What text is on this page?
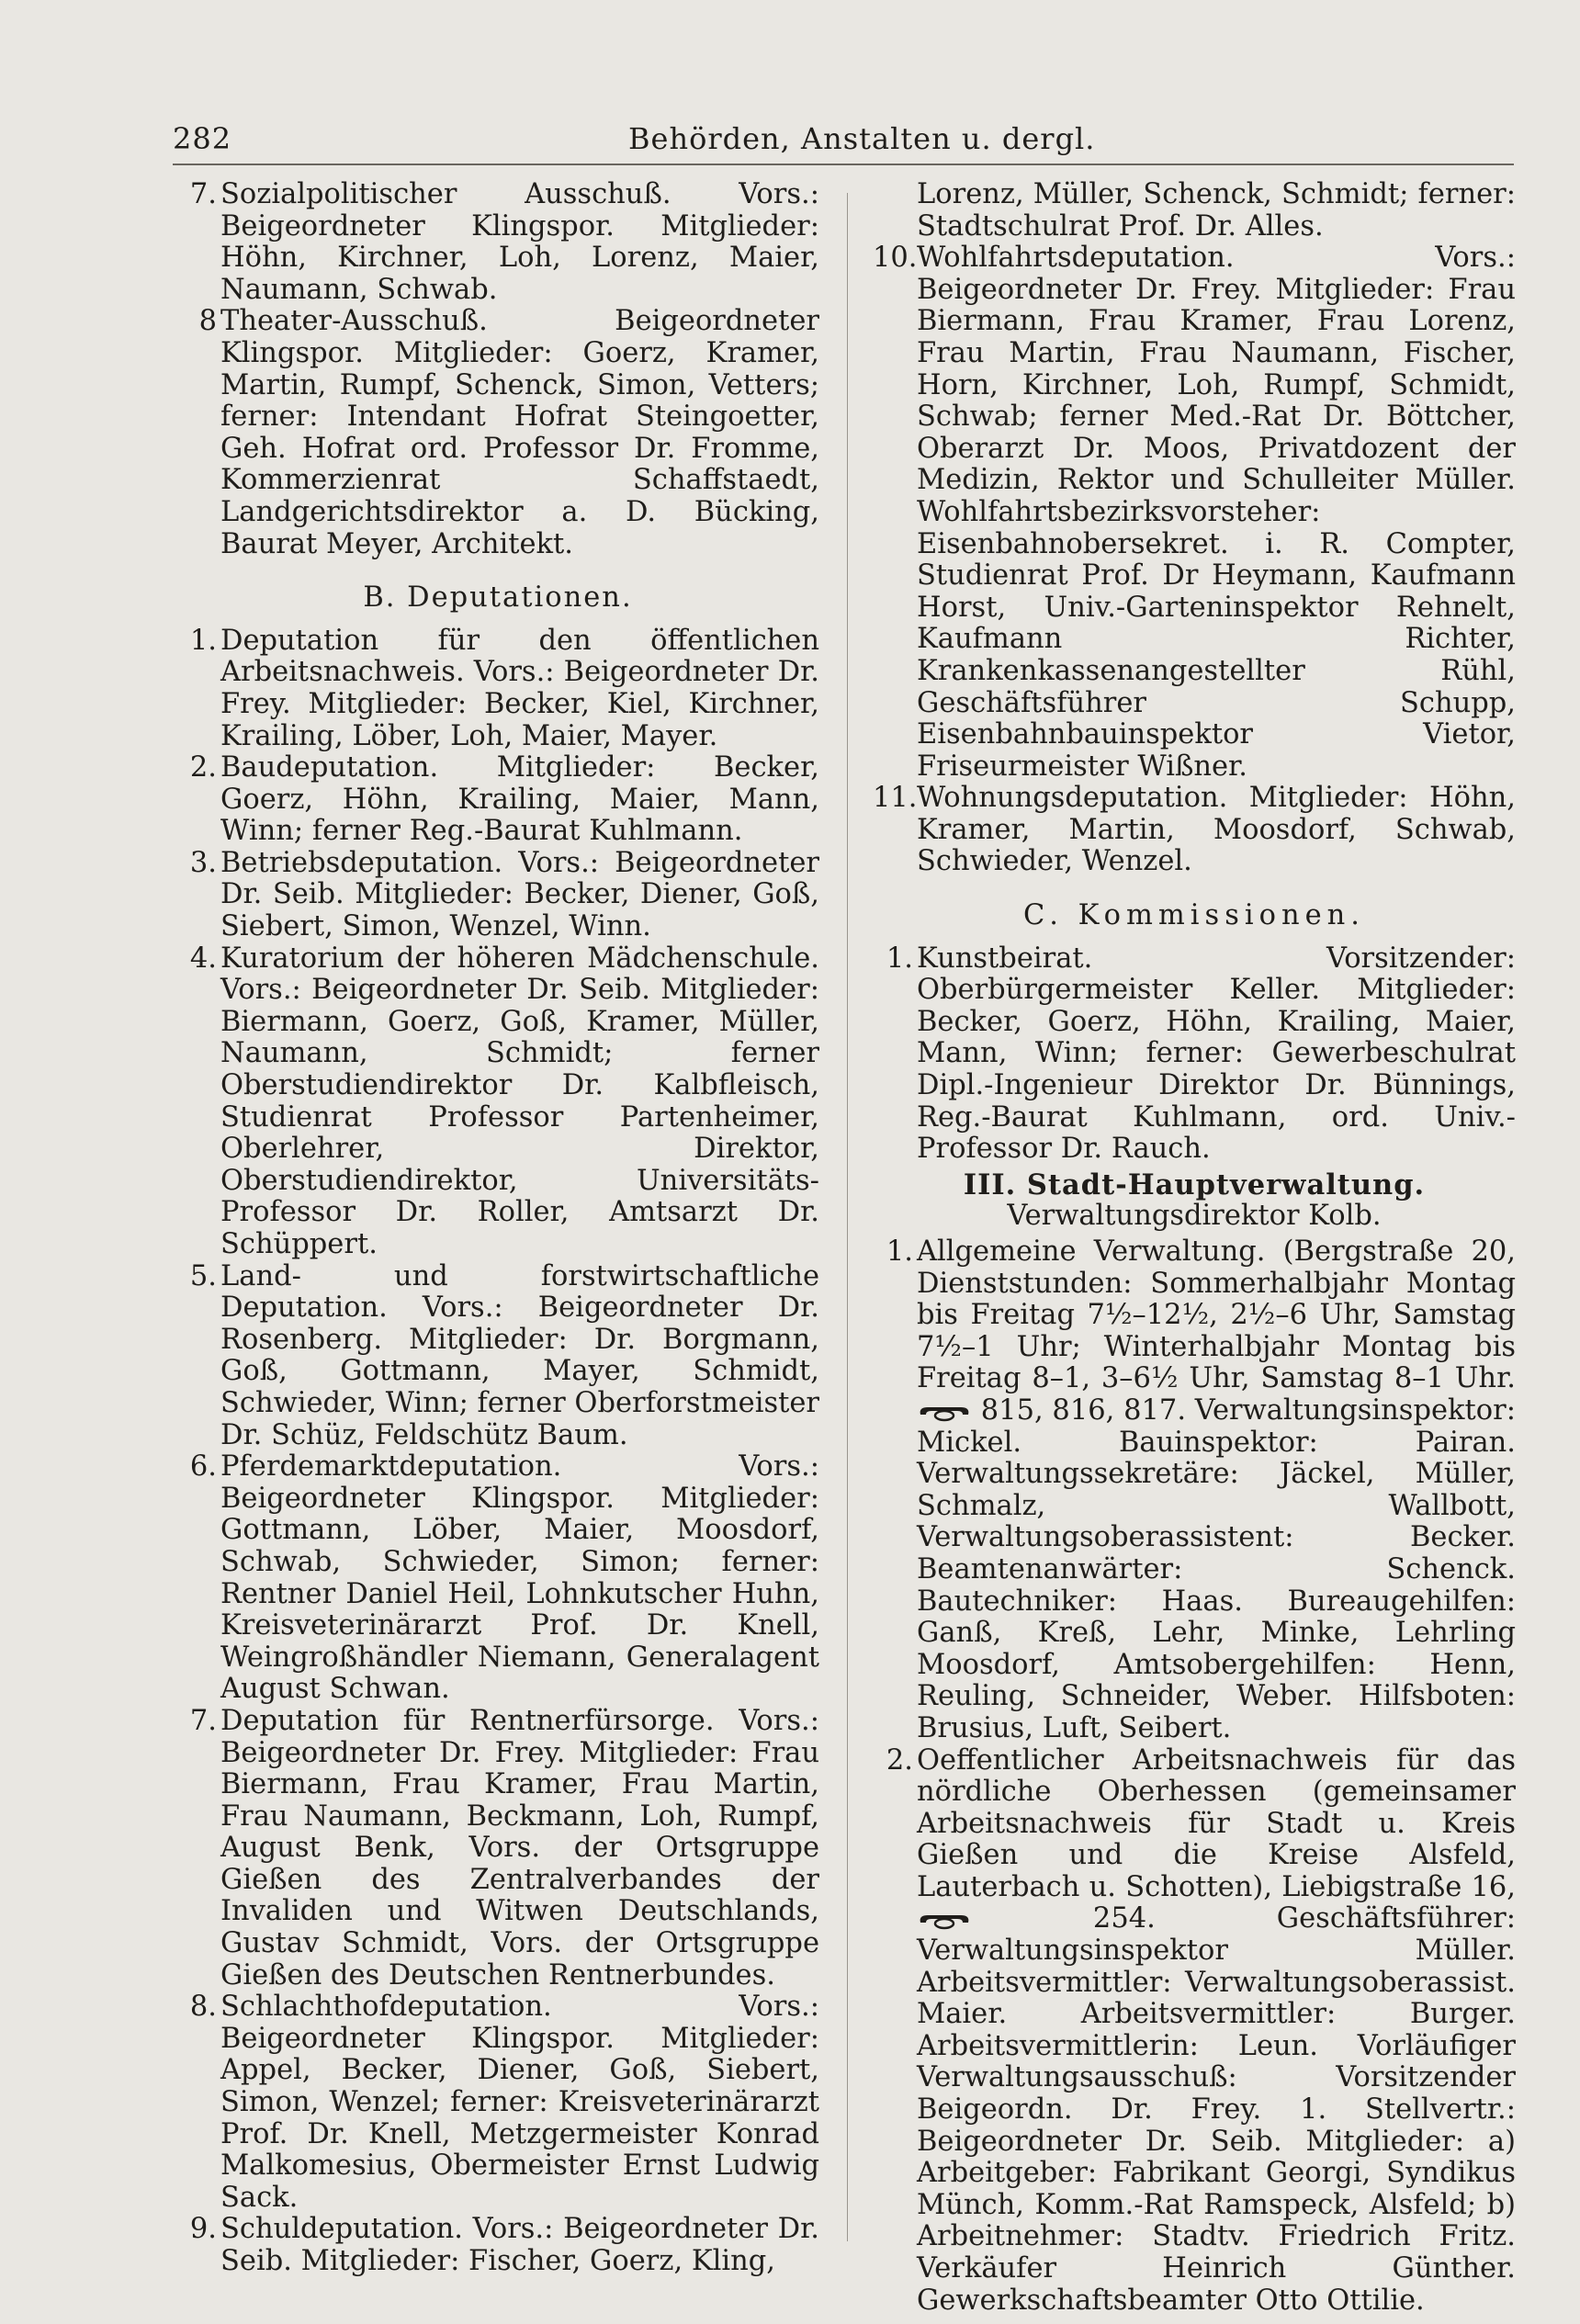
282	Behörden, Anstalten u. dergl.

7. Sozialpolitischer Ausschuß. Vors.: Beigeordneter Klingspor. Mitglieder: Höhn, Kirchner, Loh, Lorenz, Maier, Naumann, Schwab.

8 Theater-Ausschuß. Beigeordneter Klingspor. Mitglieder: Goerz, Kramer, Martin, Rumpf, Schenck, Simon, Vetters; ferner: Intendant Hofrat Steingoetter, Geh. Hofrat ord. Professor Dr. Fromme, Kommerzienrat Schaffstaedt, Landgerichtsdirektor a. D. Bücking, Baurat Meyer, Architekt.

B. Deputationen.

1. Deputation für den öffentlichen Arbeitsnachweis. Vors.: Beigeordneter Dr. Frey. Mitglieder: Becker, Kiel, Kirchner, Krailing, Löber, Loh, Maier, Mayer.

2. Baudeputation. Mitglieder: Becker, Goerz, Höhn, Krailing, Maier, Mann, Winn; ferner Reg.-Baurat Kuhlmann.

3. Betriebsdeputation. Vors.: Beigeordneter Dr. Seib. Mitglieder: Becker, Diener, Goß, Siebert, Simon, Wenzel, Winn.

4. Kuratorium der höheren Mädchenschule. Vors.: Beigeordneter Dr. Seib. Mitglieder: Biermann, Goerz, Goß, Kramer, Müller, Naumann, Schmidt; ferner Oberstudiendirektor Dr. Kalbfleisch, Studienrat Professor Partenheimer, Oberlehrer, Direktor, Oberstudiendirektor, Universitäts-Professor Dr. Roller, Amtsarzt Dr. Schüppert.

5. Land- und forstwirtschaftliche Deputation. Vors.: Beigeordneter Dr. Rosenberg. Mitglieder: Dr. Borgmann, Goß, Gottmann, Mayer, Schmidt, Schwieder, Winn; ferner Oberforstmeister Dr. Schüz, Feldschütz Baum.

6. Pferdemarktdeputation. Vors.: Beigeordneter Klingspor. Mitglieder: Gottmann, Löber, Maier, Moosdorf, Schwab, Schwieder, Simon; ferner: Rentner Daniel Heil, Lohnkutscher Huhn, Kreisveterinärarzt Prof. Dr. Knell, Weingroßhändler Niemann, Generalagent August Schwan.

7. Deputation für Rentnerfürsorge. Vors.: Beigeordneter Dr. Frey. Mitglieder: Frau Biermann, Frau Kramer, Frau Martin, Frau Naumann, Beckmann, Loh, Rumpf, August Benk, Vors. der Ortsgruppe Gießen des Zentralverbandes der Invaliden und Witwen Deutschlands, Gustav Schmidt, Vors. der Ortsgruppe Gießen des Deutschen Rentnerbundes.

8. Schlachthofdeputation. Vors.: Beigeordneter Klingspor. Mitglieder: Appel, Becker, Diener, Goß, Siebert, Simon, Wenzel; ferner: Kreisveterinärarzt Prof. Dr. Knell, Metzgermeister Konrad Malkomesius, Obermeister Ernst Ludwig Sack.

9. Schuldeputation. Vors.: Beigeordneter Dr. Seib. Mitglieder: Fischer, Goerz, Kling,

Lorenz, Müller, Schenck, Schmidt; ferner: Stadtschulrat Prof. Dr. Alles.

10. Wohlfahrtsdeputation. Vors.: Beigeordneter Dr. Frey. Mitglieder: Frau Biermann, Frau Kramer, Frau Lorenz, Frau Martin, Frau Naumann, Fischer, Horn, Kirchner, Loh, Rumpf, Schmidt, Schwab; ferner Med.-Rat Dr. Böttcher, Oberarzt Dr. Moos, Privatdozent der Medizin, Rektor und Schulleiter Müller. Wohlfahrtsbezirksvorsteher: Eisenbahnobersekret. i. R. Compter, Studienrat Prof. Dr Heymann, Kaufmann Horst, Univ.-Garteninspektor Rehnelt, Kaufmann Richter, Krankenkassenangestellter Rühl, Geschäftsführer Schupp, Eisenbahnbauinspektor Vietor, Friseurmeister Wißner.

11. Wohnungsdeputation. Mitglieder: Höhn, Kramer, Martin, Moosdorf, Schwab, Schwieder, Wenzel.

C. Kommissionen.

1. Kunstbeirat. Vorsitzender: Oberbürgermeister Keller. Mitglieder: Becker, Goerz, Höhn, Krailing, Maier, Mann, Winn; ferner: Gewerbeschulrat Dipl.-Ingenieur Direktor Dr. Bünnings, Reg.-Baurat Kuhlmann, ord. Univ.-Professor Dr. Rauch.

III. Stadt-Hauptverwaltung.
Verwaltungsdirektor Kolb.

1. Allgemeine Verwaltung. (Bergstraße 20, Dienststunden: Sommerhalbjahr Montag bis Freitag 7½–12½, 2½–6 Uhr, Samstag 7½–1 Uhr; Winterhalbjahr Montag bis Freitag 8–1, 3–6½ Uhr, Samstag 8–1 Uhr.  815, 816, 817. Verwaltungsinspektor: Mickel. Bauinspektor: Pairan. Verwaltungssekretäre: Jäckel, Müller, Schmalz, Wallbott, Verwaltungsoberassistent: Becker. Beamtenanwärter: Schenck. Bautechniker: Haas. Bureaugehilfen: Ganß, Kreß, Lehr, Minke, Lehrling Moosdorf, Amtsobergehilfen: Henn, Reuling, Schneider, Weber. Hilfsboten: Brusius, Luft, Seibert.

2. Oeffentlicher Arbeitsnachweis für das nördliche Oberhessen (gemeinsamer Arbeitsnachweis für Stadt u. Kreis Gießen und die Kreise Alsfeld, Lauterbach u. Schotten), Liebigstraße 16,  254. Geschäftsführer: Verwaltungsinspektor Müller. Arbeitsvermittler: Verwaltungsoberassist. Maier. Arbeitsvermittler: Burger. Arbeitsvermittlerin: Leun. Vorläufiger Verwaltungsausschuß: Vorsitzender Beigeordn. Dr. Frey. 1. Stellvertr.: Beigeordneter Dr. Seib. Mitglieder: a) Arbeitgeber: Fabrikant Georgi, Syndikus Münch, Komm.-Rat Ramspeck, Alsfeld; b) Arbeitnehmer: Stadtv. Friedrich Fritz. Verkäufer Heinrich Günther. Gewerkschaftsbeamter Otto Ottilie.
